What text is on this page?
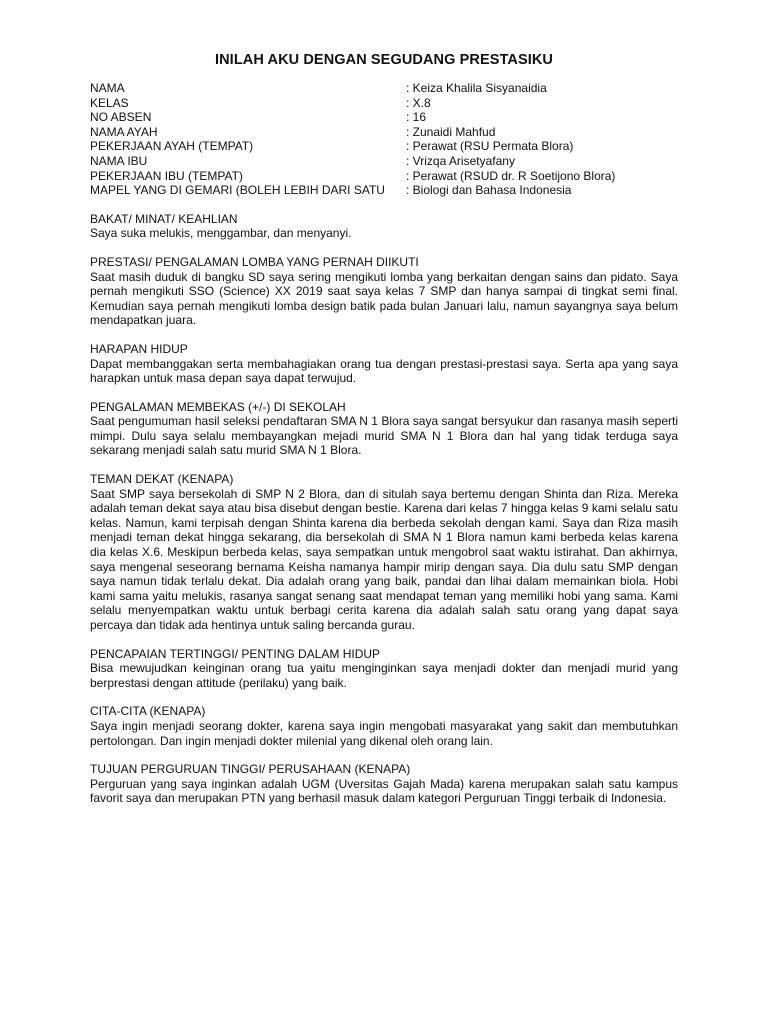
INILAH AKU DENGAN SEGUDANG PRESTASIKU
NAMA	: Keiza Khalila Sisyanaidia
KELAS	: X.8
NO ABSEN	: 16
NAMA AYAH	: Zunaidi Mahfud
PEKERJAAN AYAH (TEMPAT)	: Perawat (RSU Permata Blora)
NAMA IBU	: Vrizqa Arisetyafany
PEKERJAAN IBU (TEMPAT)	: Perawat (RSUD dr. R Soetijono Blora)
MAPEL YANG DI GEMARI (BOLEH LEBIH DARI SATU	: Biologi dan Bahasa Indonesia
BAKAT/ MINAT/ KEAHLIAN
Saya suka melukis, menggambar, dan menyanyi.
PRESTASI/ PENGALAMAN LOMBA YANG PERNAH DIIKUTI
Saat masih duduk di bangku SD saya sering mengikuti lomba yang berkaitan dengan sains dan pidato. Saya pernah mengikuti SSO (Science) XX 2019 saat saya kelas 7 SMP dan hanya sampai di tingkat semi final. Kemudian saya pernah mengikuti lomba design batik pada bulan Januari lalu, namun sayangnya saya belum mendapatkan juara.
HARAPAN HIDUP
Dapat membanggakan serta membahagiakan orang tua dengan prestasi-prestasi saya. Serta apa yang saya harapkan untuk masa depan saya dapat terwujud.
PENGALAMAN MEMBEKAS (+/-) DI SEKOLAH
Saat pengumuman hasil seleksi pendaftaran SMA N 1 Blora saya sangat bersyukur dan rasanya masih seperti mimpi. Dulu saya selalu membayangkan mejadi murid SMA N 1 Blora dan hal yang tidak terduga saya sekarang menjadi salah satu murid SMA N 1 Blora.
TEMAN DEKAT (KENAPA)
Saat SMP saya bersekolah di SMP N 2 Blora, dan di situlah saya bertemu dengan Shinta dan Riza. Mereka adalah teman dekat saya atau bisa disebut dengan bestie. Karena dari kelas 7 hingga kelas 9 kami selalu satu kelas. Namun, kami terpisah dengan Shinta karena dia berbeda sekolah dengan kami. Saya dan Riza masih menjadi teman dekat hingga sekarang, dia bersekolah di SMA N 1 Blora namun kami berbeda kelas karena dia kelas X.6. Meskipun berbeda kelas, saya sempatkan untuk mengobrol saat waktu istirahat. Dan akhirnya, saya mengenal seseorang bernama Keisha namanya hampir mirip dengan saya. Dia dulu satu SMP dengan saya namun tidak terlalu dekat. Dia adalah orang yang baik, pandai dan lihai dalam memainkan biola. Hobi kami sama yaitu melukis, rasanya sangat senang saat mendapat teman yang memiliki hobi yang sama. Kami selalu menyempatkan waktu untuk berbagi cerita karena dia adalah salah satu orang yang dapat saya percaya dan tidak ada hentinya untuk saling bercanda gurau.
PENCAPAIAN TERTINGGI/ PENTING DALAM HIDUP
Bisa mewujudkan keinginan orang tua yaitu menginginkan saya menjadi dokter dan menjadi murid yang berprestasi dengan attitude (perilaku) yang baik.
CITA-CITA (KENAPA)
Saya ingin menjadi seorang dokter, karena saya ingin mengobati masyarakat yang sakit dan membutuhkan pertolongan. Dan ingin menjadi dokter milenial yang dikenal oleh orang lain.
TUJUAN PERGURUAN TINGGI/ PERUSAHAAN (KENAPA)
Perguruan yang saya inginkan adalah UGM (Uversitas Gajah Mada) karena merupakan salah satu kampus favorit saya dan merupakan PTN yang berhasil masuk dalam kategori Perguruan Tinggi terbaik di Indonesia.
